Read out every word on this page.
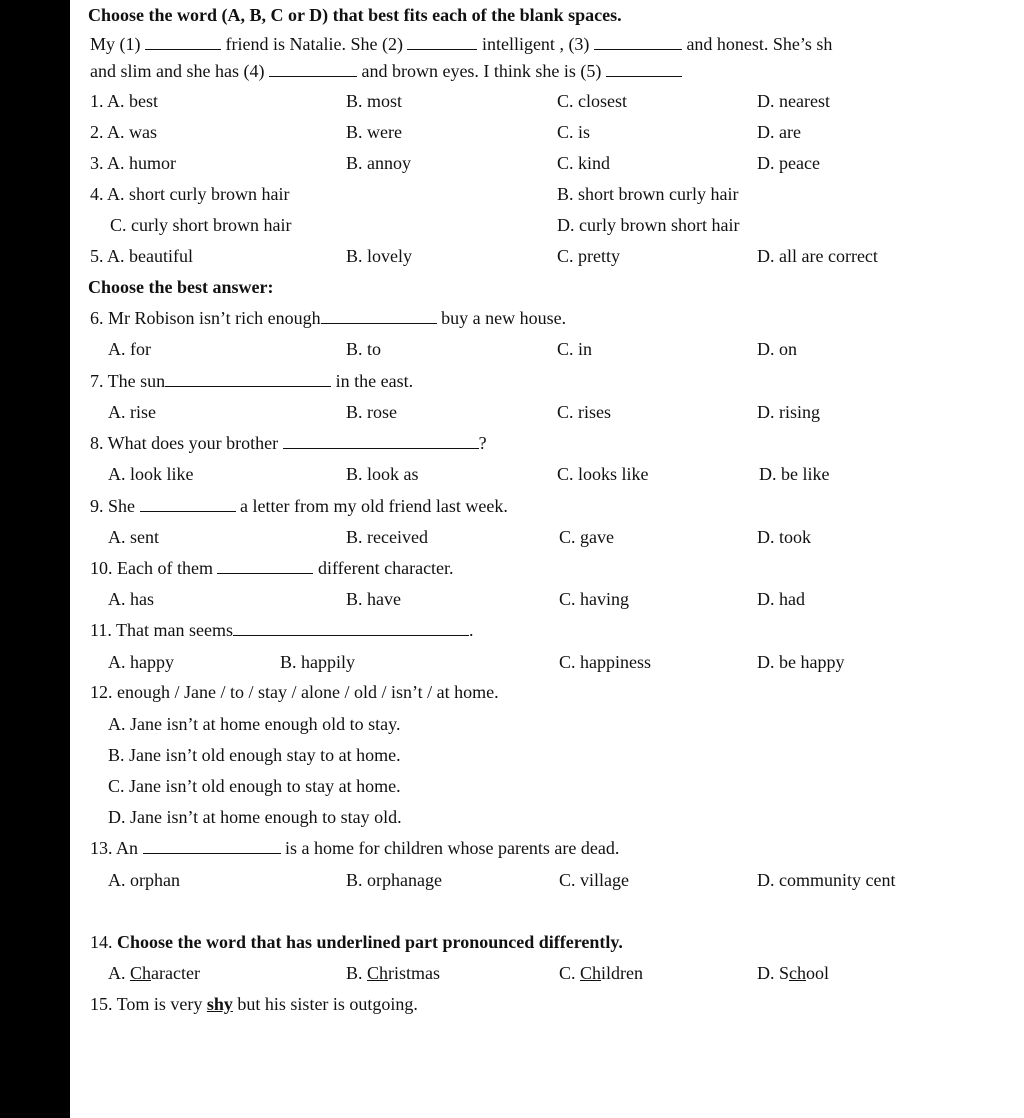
Choose the word (A, B, C or D) that best fits each of the blank spaces.
My (1)	friend is Natalie. She (2)	intelligent , (3)	and honest. She’s sh
and slim and she has (4)	and brown eyes. I think she is (5)
1. A. best	B. most	C. closest	D. nearest
2. A. was	B. were	C. is	D. are
3. A. humor	B. annoy	C. kind	D. peace
4. A. short curly brown hair	B. short brown curly hair
C. curly short brown hair	D. curly brown short hair
5. A. beautiful	B. lovely	C. pretty	D. all are correct
Choose the best answer:
6. Mr Robison isn’t rich enough	buy a new house.
A. for	B. to	C. in	D. on
7. The sun	in the east.
A. rise	B. rose	C. rises	D. rising
8. What does your brother	?
A. look like	B. look as	C. looks like	D. be like
9. She	a letter from my old friend last week.
A. sent	B. received	C. gave	D. took
10. Each of them	different character.
A. has	B. have	C. having	D. had
11. That man seems	.
A. happy	B. happily	C. happiness	D. be happy
12. enough / Jane / to / stay / alone / old / isn’t / at home.
A. Jane isn’t at home enough old to stay.
B. Jane isn’t old enough stay to at home.
C. Jane isn’t old enough to stay at home.
D. Jane isn’t at home enough to stay old.
13. An	is a home for children whose parents are dead.
A. orphan	B. orphanage	C. village	D. community cent
14. Choose the word that has underlined part pronounced differently.
A. Character	B. Christmas	C. Children	D. School
15. Tom is very shy but his sister is outgoing.
